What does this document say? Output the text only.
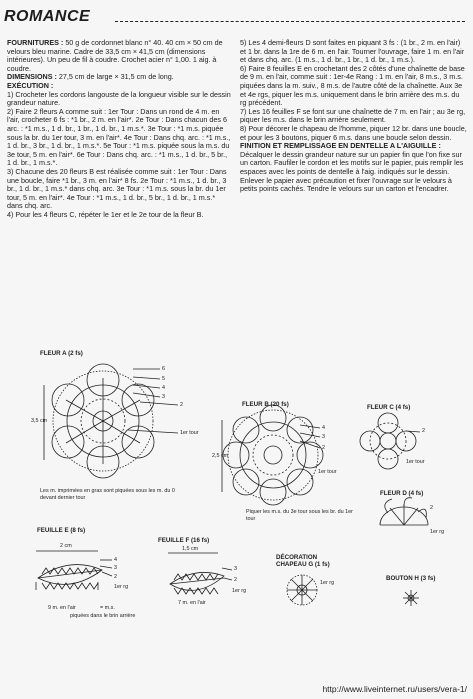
ROMANCE

FOURNITURES : 50 g de cordonnet blanc n° 40. 40 cm × 50 cm de velours bleu marine. Cadre de 33,5 cm × 41,5 cm (dimensions intérieures). Un peu de fil à coudre. Crochet acier n° 1,00. 1 aig. à coudre.

DIMENSIONS : 27,5 cm de large × 31,5 cm de long.

EXÉCUTION :

1) Crocheter les cordons langouste de la longueur visible sur le dessin grandeur nature.

2) Faire 2 fleurs A comme suit : 1er Tour : Dans un rond de 4 m. en l'air, crocheter 6 fs : *1 br., 2 m. en l'air*. 2e Tour : Dans chacun des 6 arc. : *1 m.s., 1 d. br., 1 br., 1 d. br., 1 m.s.*. 3e Tour : *1 m.s. piquée sous la br. du 1er tour, 3 m. en l'air*. 4e Tour : Dans chq. arc. : *1 m.s., 1 d. br., 3 br., 1 d. br., 1 m.s.*. 5e Tour : *1 m.s. piquée sous la m.s. du 3e tour, 5 m. en l'air*. 6e Tour : Dans chq. arc. : *1 m.s., 1 d. br., 5 br., 1 d. br., 1 m.s.*.

3) Chacune des 20 fleurs B est réalisée comme suit : 1er Tour : Dans une boucle, faire *1 br., 3 m. en l'air* 8 fs. 2e Tour : *1 m.s., 1 d. br., 3 br., 1 d. br., 1 m.s.* dans chq. arc. 3e Tour : *1 m.s. sous la br. du 1er tour, 5 m. en l'air*. 4e Tour : *1 m.s., 1 d. br., 5 br., 1 d. br., 1 m.s.* dans chq. arc.

4) Pour les 4 fleurs C, répéter le 1er et le 2e tour de la fleur B.

5) Les 4 demi-fleurs D sont faites en piquant 3 fs : (1 br., 2 m. en l'air) et 1 br. dans la 1re de 6 m. en l'air. Tourner l'ouvrage, faire 1 m. en l'air et dans chq. arc. (1 m.s., 1 d. br., 1 br., 1 d. br., 1 m.s.).

6) Faire 8 feuilles E en crochetant des 2 côtés d'une chaînette de base de 9 m. en l'air, comme suit : 1er-4e Rang : 1 m. en l'air, 8 m.s., 3 m.s. piquées dans la m. suiv., 8 m.s. de l'autre côté de la chaînette. Aux 3e et 4e rgs, piquer les m.s. uniquement dans le brin arrière des m.s. du rg précédent.

7) Les 16 feuilles F se font sur une chaînette de 7 m. en l'air ; au 3e rg, piquer les m.s. dans le brin arrière seulement.

8) Pour décorer le chapeau de l'homme, piquer 12 br. dans une boucle, et pour les 3 boutons, piquer 6 m.s. dans une boucle selon dessin.

FINITION ET REMPLISSAGE EN DENTELLE A L'AIGUILLE :

Décalquer le dessin grandeur nature sur un papier fin que l'on fixe sur un carton. Faufiler le cordon et les motifs sur le papier, puis remplir les espaces avec les points de dentelle à l'aig. indiqués sur le dessin. Enlever le papier avec précaution et fixer l'ouvrage sur le velours à petits points cachés. Tendre le velours sur un carton et l'encadrer.

FLEUR A (2 fs)
3,5 cm
6
5
4
3
2
1er tour
Les m. imprimées en gras sont piquées sous les m. du 0 devant dernier tour
FLEUR B (20 fs)
2,5 cm
4
3
2
1er tour
Piquer les m.s. du 3e tour sous les br. du 1er tour
FLEUR C (4 fs)
2
1er tour
FLEUR D (4 fs)
2
1er rg
FEUILLE E (8 fs)
2 cm
4
3
2
1er rg
9 m. en l'air	= m.s.
piquées dans le brin arrière
FEUILLE F (16 fs)
1,5 cm
3
2
1er rg
7 m. en l'air
DÉCORATION CHAPEAU G (1 fs)
1er rg
BOUTON H (3 fs)
http://www.liveinternet.ru/users/vera-1/
